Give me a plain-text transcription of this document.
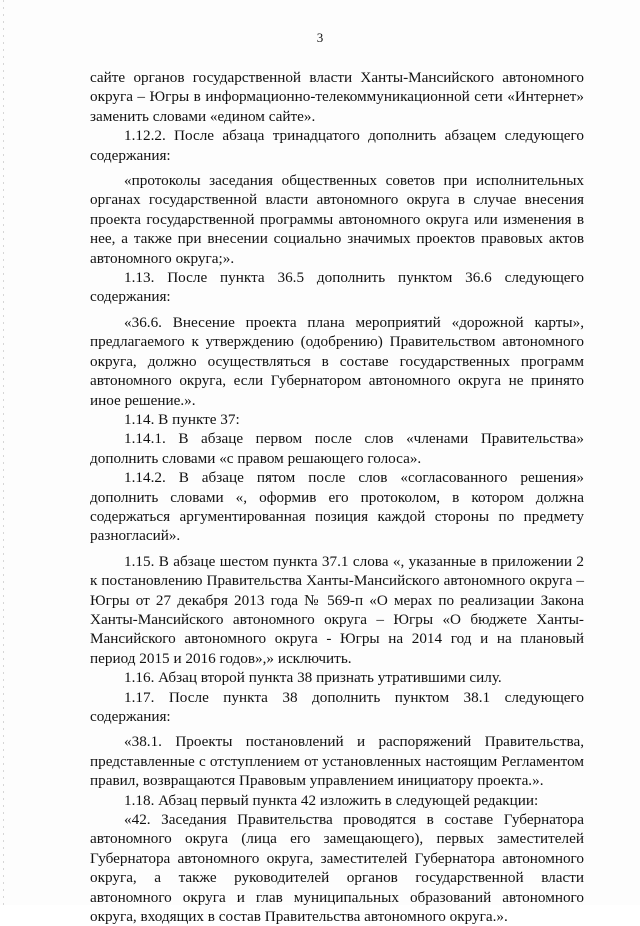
3

сайте органов государственной власти Ханты-Мансийского автономного округа – Югры в информационно-телекоммуникационной сети «Интернет» заменить словами «едином сайте».

1.12.2. После абзаца тринадцатого дополнить абзацем следующего содержания:

«протоколы заседания общественных советов при исполнительных органах государственной власти автономного округа в случае внесения проекта государственной программы автономного округа или изменения в нее, а также при внесении социально значимых проектов правовых актов автономного округа;».

1.13. После пункта 36.5 дополнить пунктом 36.6 следующего содержания:

«36.6. Внесение проекта плана мероприятий «дорожной карты», предлагаемого к утверждению (одобрению) Правительством автономного округа, должно осуществляться в составе государственных программ автономного округа, если Губернатором автономного округа не принято иное решение.».

1.14. В пункте 37:

1.14.1. В абзаце первом после слов «членами Правительства» дополнить словами «с правом решающего голоса».

1.14.2. В абзаце пятом после слов «согласованного решения» дополнить словами «, оформив его протоколом, в котором должна содержаться аргументированная позиция каждой стороны по предмету разногласий».

1.15. В абзаце шестом пункта 37.1 слова «, указанные в приложении 2 к постановлению Правительства Ханты-Мансийского автономного округа – Югры от 27 декабря 2013 года № 569-п «О мерах по реализации Закона Ханты-Мансийского автономного округа – Югры «О бюджете Ханты-Мансийского автономного округа - Югры на 2014 год и на плановый период 2015 и 2016 годов»,» исключить.

1.16. Абзац второй пункта 38 признать утратившими силу.

1.17. После пункта 38 дополнить пунктом 38.1 следующего содержания:

«38.1. Проекты постановлений и распоряжений Правительства, представленные с отступлением от установленных настоящим Регламентом правил, возвращаются Правовым управлением инициатору проекта.».

1.18. Абзац первый пункта 42 изложить в следующей редакции:

«42. Заседания Правительства проводятся в составе Губернатора автономного округа (лица его замещающего), первых заместителей Губернатора автономного округа, заместителей Губернатора автономного округа, а также руководителей органов государственной власти автономного округа и глав муниципальных образований автономного округа, входящих в состав Правительства автономного округа.».
